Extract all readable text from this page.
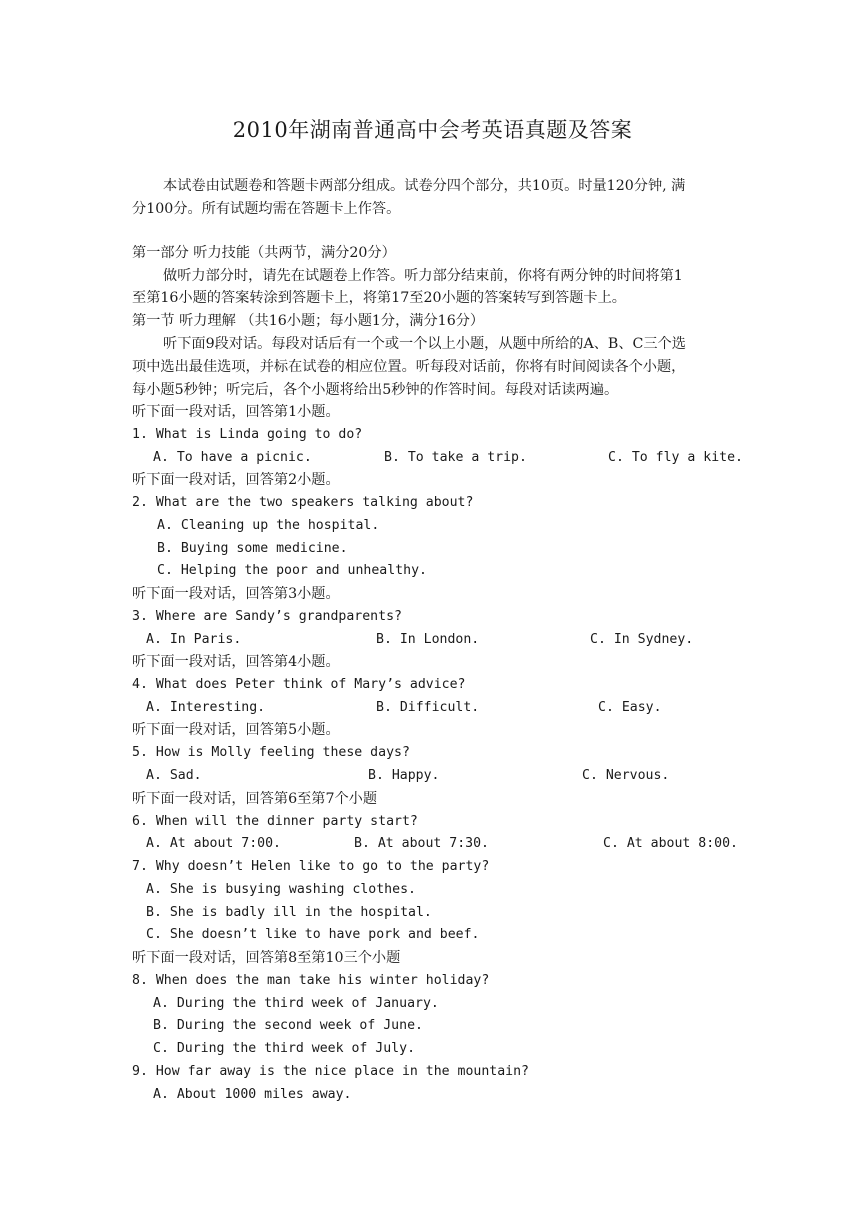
2010年湖南普通高中会考英语真题及答案
本试卷由试题卷和答题卡两部分组成。试卷分四个部分，共10页。时量120分钟, 满
分100分。所有试题均需在答题卡上作答。
第一部分 听力技能（共两节，满分20分）
做听力部分时，请先在试题卷上作答。听力部分结束前，你将有两分钟的时间将第1
至第16小题的答案转涂到答题卡上，将第17至20小题的答案转写到答题卡上。
第一节 听力理解 （共16小题；每小题1分，满分16分）
听下面9段对话。每段对话后有一个或一个以上小题，从题中所给的A、B、C三个选
项中选出最佳选项，并标在试卷的相应位置。听每段对话前，你将有时间阅读各个小题，
每小题5秒钟；听完后，各个小题将给出5秒钟的作答时间。每段对话读两遍。
听下面一段对话，回答第1小题。
1. What is Linda going to do?
A. To have a picnic.	B. To take a trip.	C. To fly a kite.
听下面一段对话，回答第2小题。
2. What are the two speakers talking about?
A. Cleaning up the hospital.
B. Buying some medicine.
C. Helping the poor and unhealthy.
听下面一段对话，回答第3小题。
3. Where are Sandy’s grandparents?
A. In Paris.	B. In London.	C. In Sydney.
听下面一段对话，回答第4小题。
4. What does Peter think of Mary’s advice?
A. Interesting.	B. Difficult.	C. Easy.
听下面一段对话，回答第5小题。
5. How is Molly feeling these days?
A. Sad.	B. Happy.	C. Nervous.
听下面一段对话，回答第6至第7个小题
6. When will the dinner party start?
A. At about 7:00.	B. At about 7:30.	C. At about 8:00.
7. Why doesn’t Helen like to go to the party?
A. She is busying washing clothes.
B. She is badly ill in the hospital.
C. She doesn’t like to have pork and beef.
听下面一段对话，回答第8至第10三个小题
8. When does the man take his winter holiday?
A. During the third week of January.
B. During the second week of June.
C. During the third week of July.
9. How far away is the nice place in the mountain?
A. About 1000 miles away.
